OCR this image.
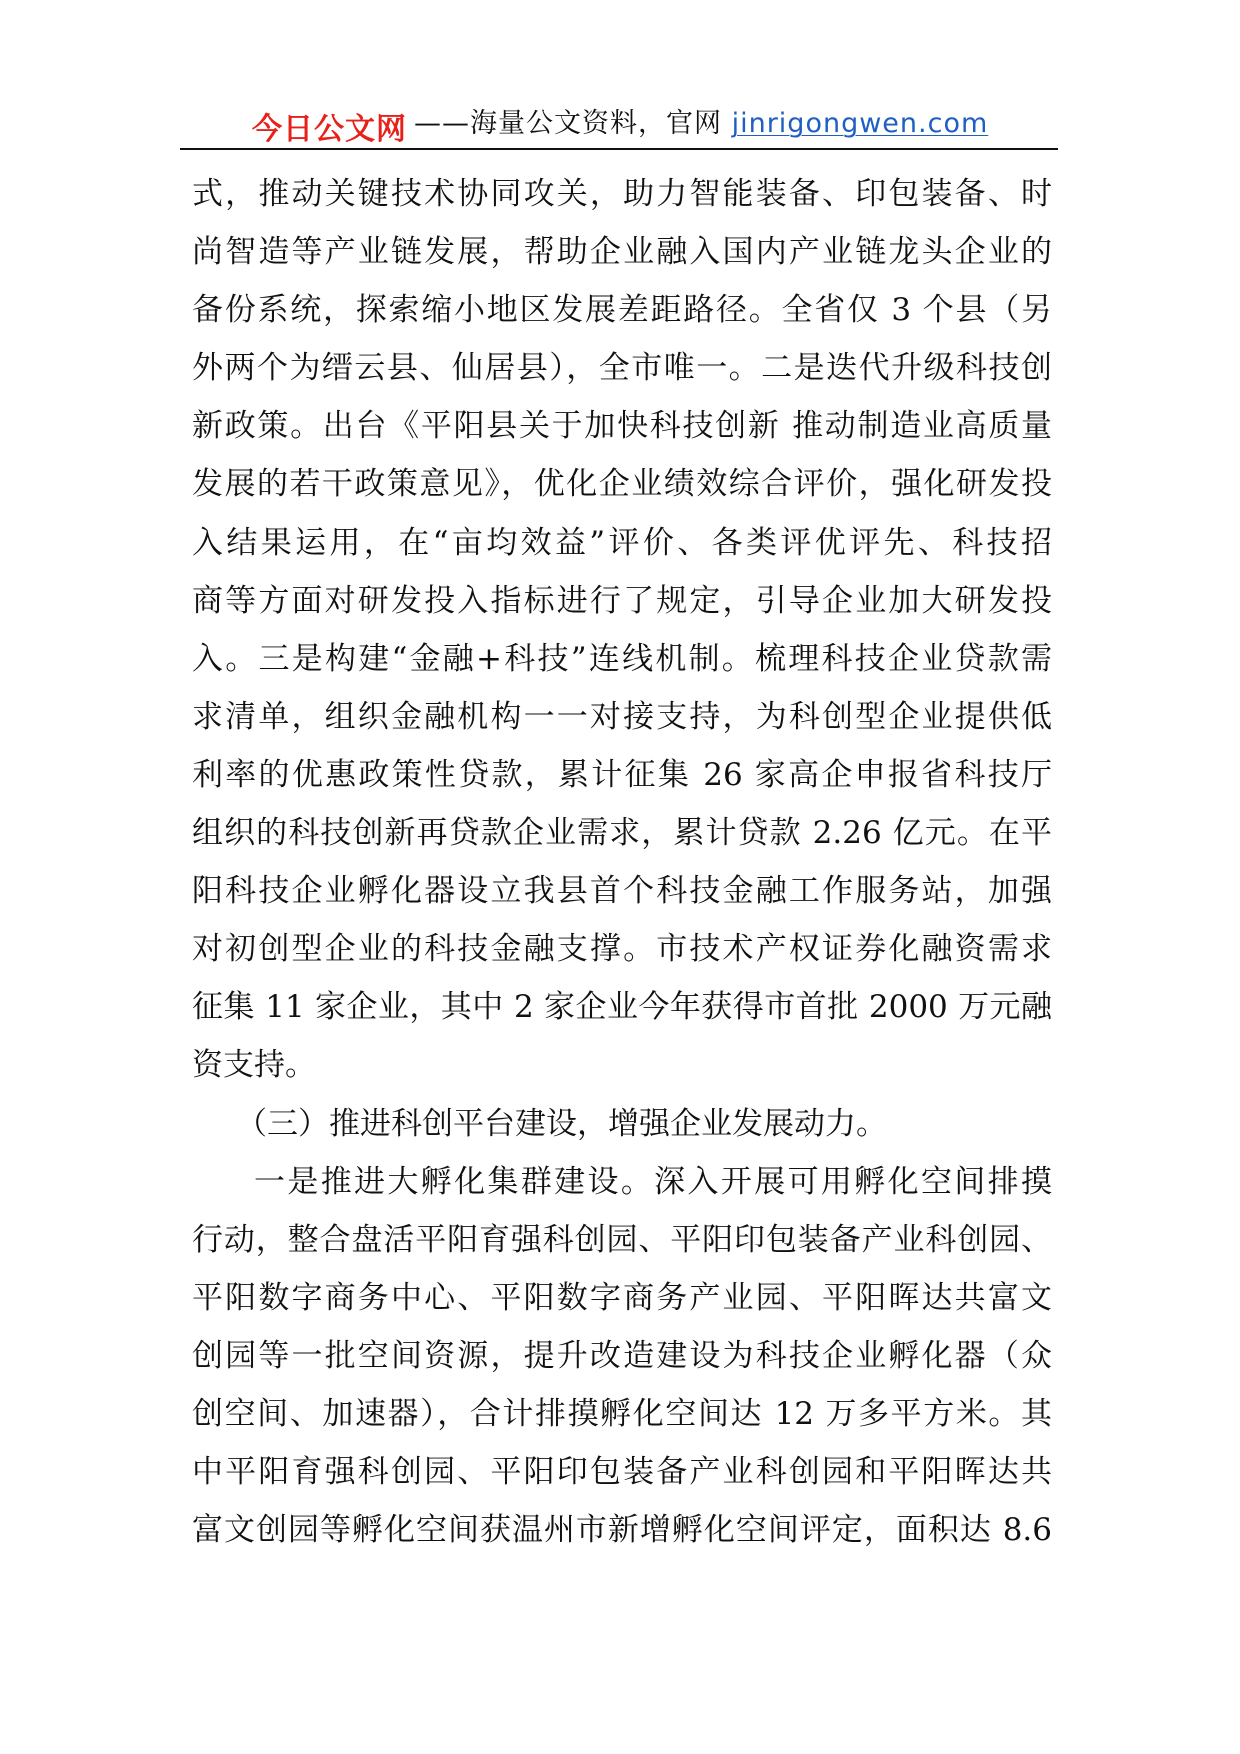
今日公文网 ——海量公文资料，官网 jinrigongwen.com
式，推动关键技术协同攻关，助力智能装备、印包装备、时
尚智造等产业链发展，帮助企业融入国内产业链龙头企业的
备份系统，探索缩小地区发展差距路径。全省仅 3 个县（另
外两个为缙云县、仙居县），全市唯一。二是迭代升级科技创
新政策。出台《平阳县关于加快科技创新 推动制造业高质量
发展的若干政策意见》，优化企业绩效综合评价，强化研发投
入结果运用，在“亩均效益”评价、各类评优评先、科技招
商等方面对研发投入指标进行了规定，引导企业加大研发投
入。三是构建“金融+科技”连线机制。梳理科技企业贷款需
求清单，组织金融机构一一对接支持，为科创型企业提供低
利率的优惠政策性贷款，累计征集 26 家高企申报省科技厅
组织的科技创新再贷款企业需求，累计贷款 2.26 亿元。在平
阳科技企业孵化器设立我县首个科技金融工作服务站，加强
对初创型企业的科技金融支撑。市技术产权证券化融资需求
征集 11 家企业，其中 2 家企业今年获得市首批 2000 万元融
资支持。
（三）推进科创平台建设，增强企业发展动力。
一是推进大孵化集群建设。深入开展可用孵化空间排摸
行动，整合盘活平阳育强科创园、平阳印包装备产业科创园、
平阳数字商务中心、平阳数字商务产业园、平阳晖达共富文
创园等一批空间资源，提升改造建设为科技企业孵化器（众
创空间、加速器），合计排摸孵化空间达 12 万多平方米。其
中平阳育强科创园、平阳印包装备产业科创园和平阳晖达共
富文创园等孵化空间获温州市新增孵化空间评定，面积达 8.6
